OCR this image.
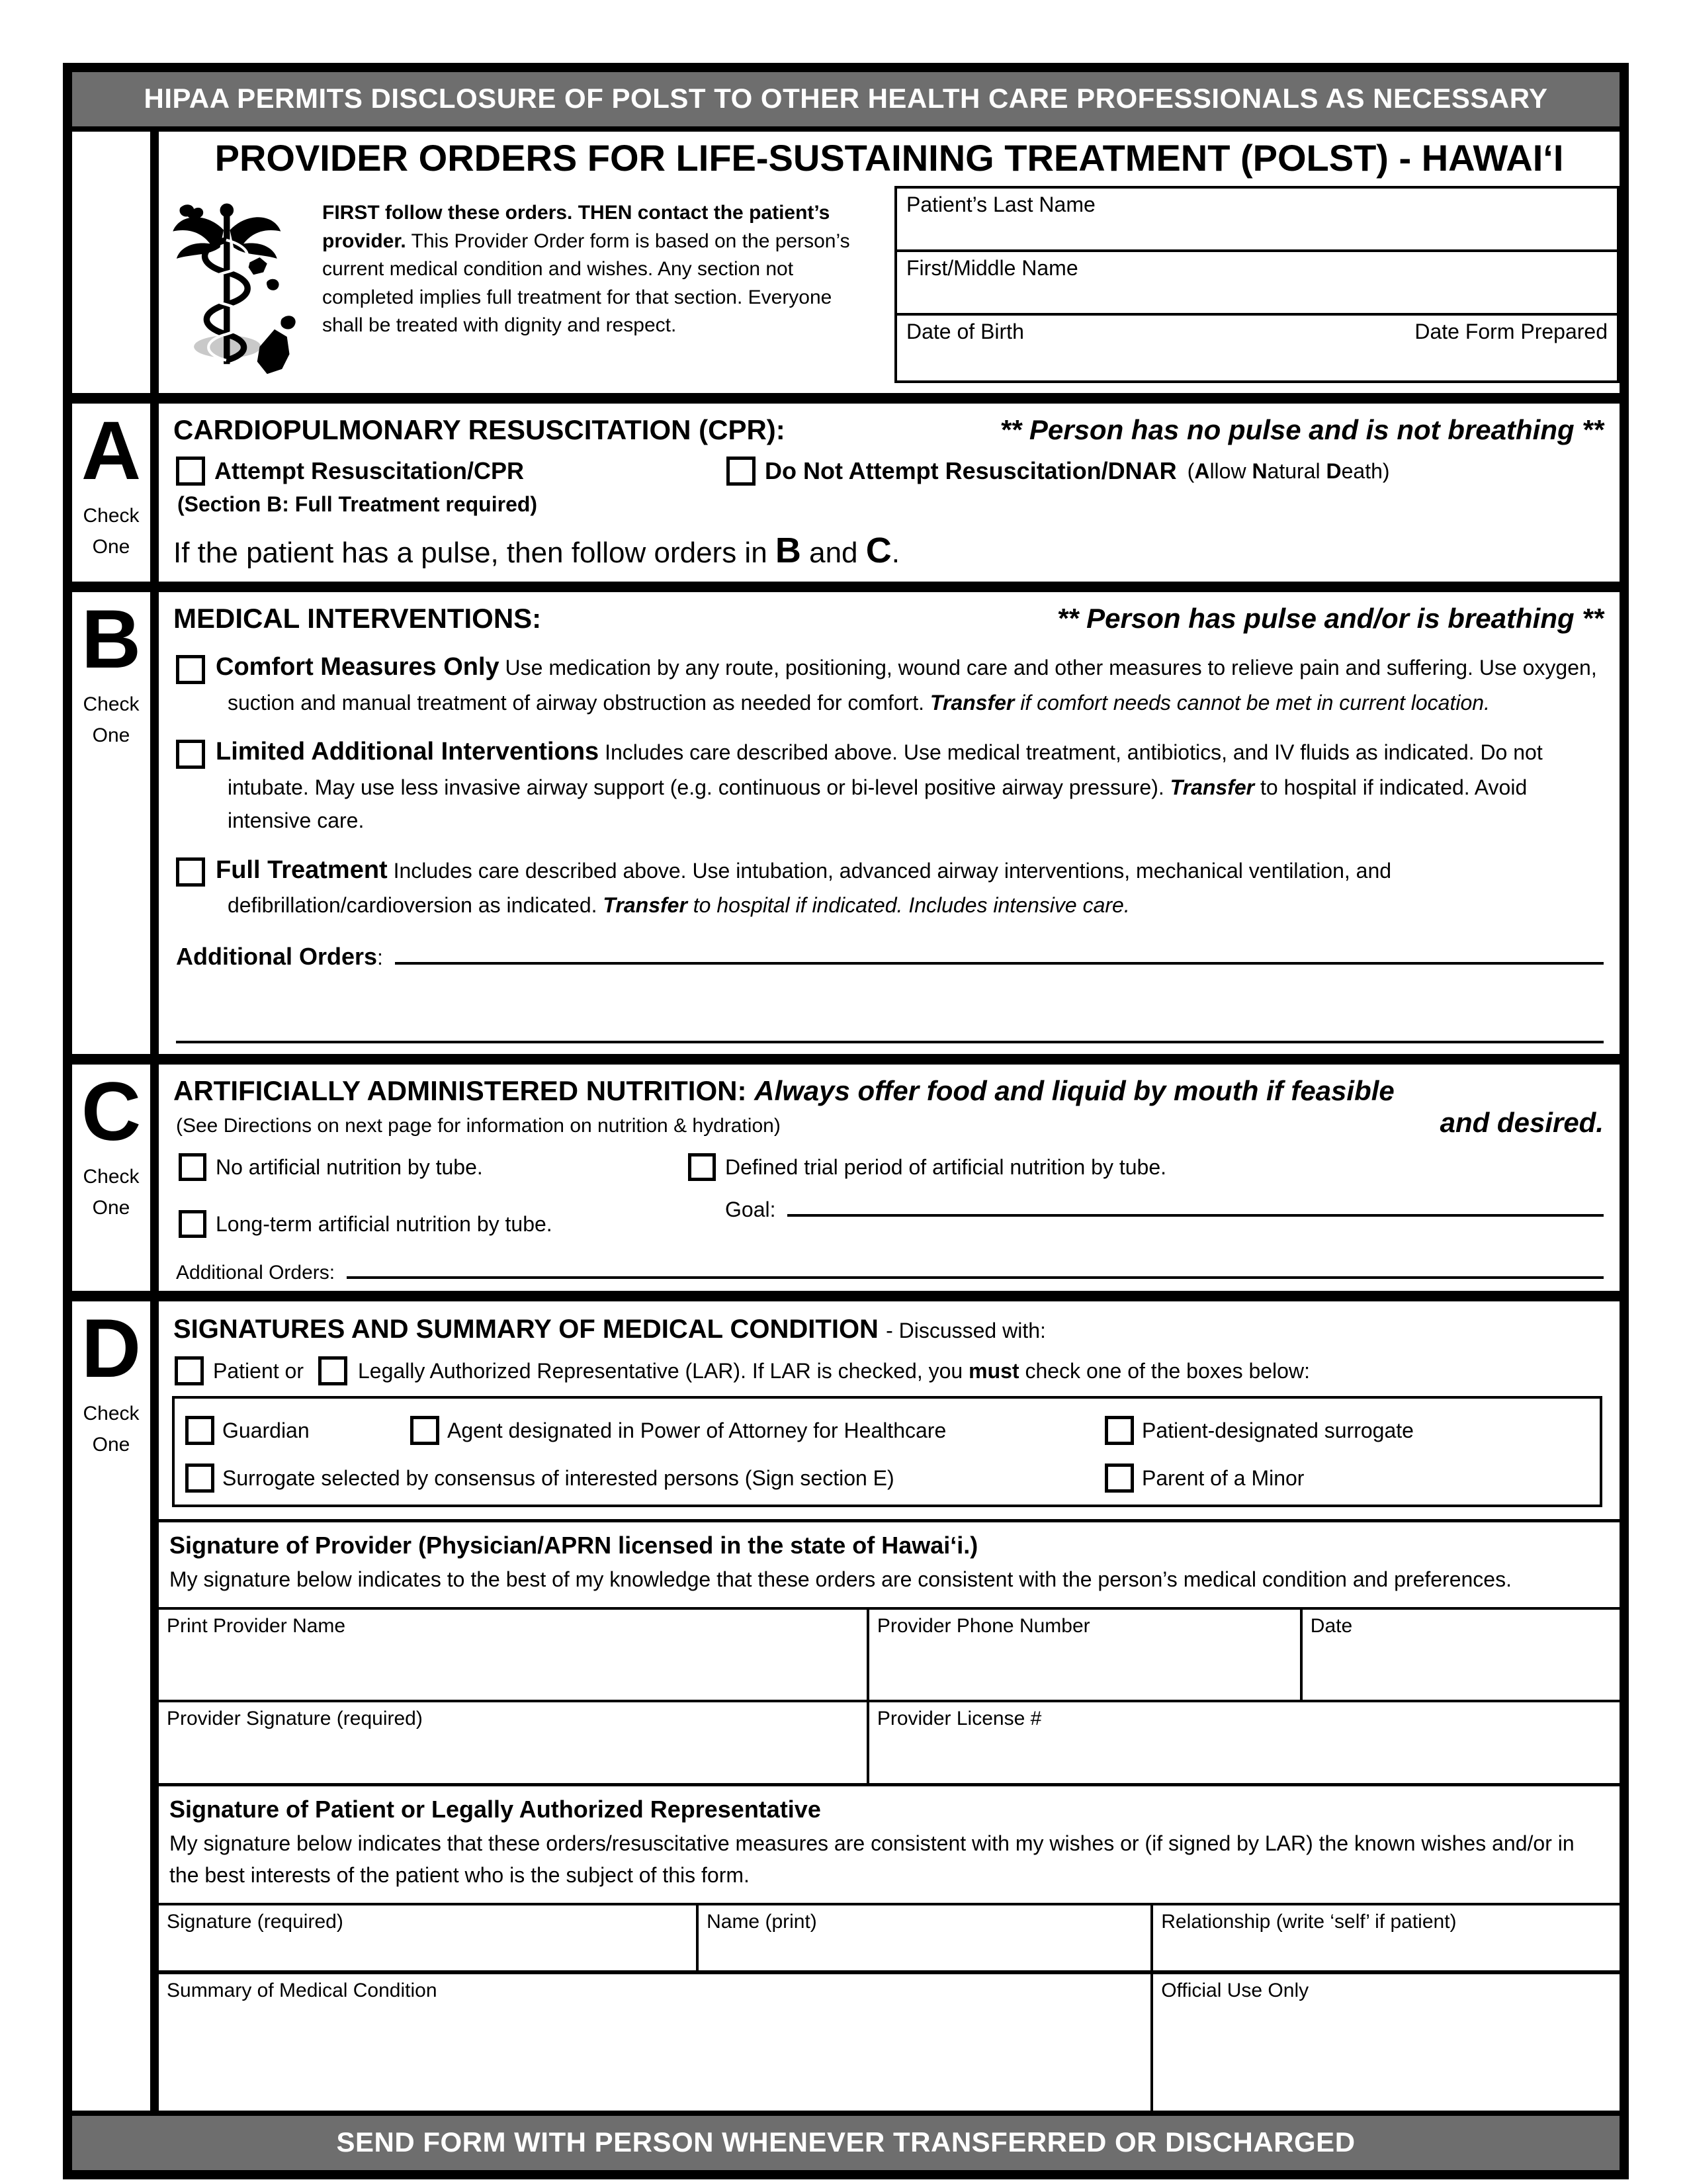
HIPAA PERMITS DISCLOSURE OF POLST TO OTHER HEALTH CARE PROFESSIONALS AS NECESSARY
PROVIDER ORDERS FOR LIFE-SUSTAINING TREATMENT (POLST) - HAWAIʻI
FIRST follow these orders. THEN contact the patient’s provider. This Provider Order form is based on the person’s current medical condition and wishes. Any section not completed implies full treatment for that section. Everyone shall be treated with dignity and respect.
Patient’s Last Name
First/Middle Name
Date of Birth	Date Form Prepared
A
Check
One
CARDIOPULMONARY RESUSCITATION (CPR):	** Person has no pulse and is not breathing **
Attempt Resuscitation/CPR	Do Not Attempt Resuscitation/DNAR (Allow Natural Death)
(Section B: Full Treatment required)
If the patient has a pulse, then follow orders in B and C.
B
Check
One
MEDICAL INTERVENTIONS:	** Person has pulse and/or is breathing **
Comfort Measures Only Use medication by any route, positioning, wound care and other measures to relieve pain and suffering. Use oxygen, suction and manual treatment of airway obstruction as needed for comfort. Transfer if comfort needs cannot be met in current location.
Limited Additional Interventions Includes care described above. Use medical treatment, antibiotics, and IV fluids as indicated. Do not intubate. May use less invasive airway support (e.g. continuous or bi-level positive airway pressure). Transfer to hospital if indicated. Avoid intensive care.
Full Treatment Includes care described above. Use intubation, advanced airway interventions, mechanical ventilation, and defibrillation/cardioversion as indicated. Transfer to hospital if indicated. Includes intensive care.
Additional Orders:
C
Check
One
ARTIFICIALLY ADMINISTERED NUTRITION: Always offer food and liquid by mouth if feasible
(See Directions on next page for information on nutrition & hydration)	and desired.
No artificial nutrition by tube.
Long-term artificial nutrition by tube.
Defined trial period of artificial nutrition by tube.
Goal:
Additional Orders:
D
Check
One
SIGNATURES AND SUMMARY OF MEDICAL CONDITION - Discussed with:
Patient or	Legally Authorized Representative (LAR). If LAR is checked, you must check one of the boxes below:
Guardian	Agent designated in Power of Attorney for Healthcare	Patient-designated surrogate
Surrogate selected by consensus of interested persons (Sign section E)	Parent of a Minor
Signature of Provider (Physician/APRN licensed in the state of Hawaiʻi.)

My signature below indicates to the best of my knowledge that these orders are consistent with the person’s medical condition and preferences.

Print Provider Name	Provider Phone Number	Date
Provider Signature (required)	Provider License #	
Signature of Patient or Legally Authorized Representative

My signature below indicates that these orders/resuscitative measures are consistent with my wishes or (if signed by LAR) the known wishes and/or in the best interests of the patient who is the subject of this form.

Signature (required)	Name (print)	Relationship (write ‘self’ if patient)
Summary of Medical Condition		Official Use Only
SEND FORM WITH PERSON WHENEVER TRANSFERRED OR DISCHARGED
